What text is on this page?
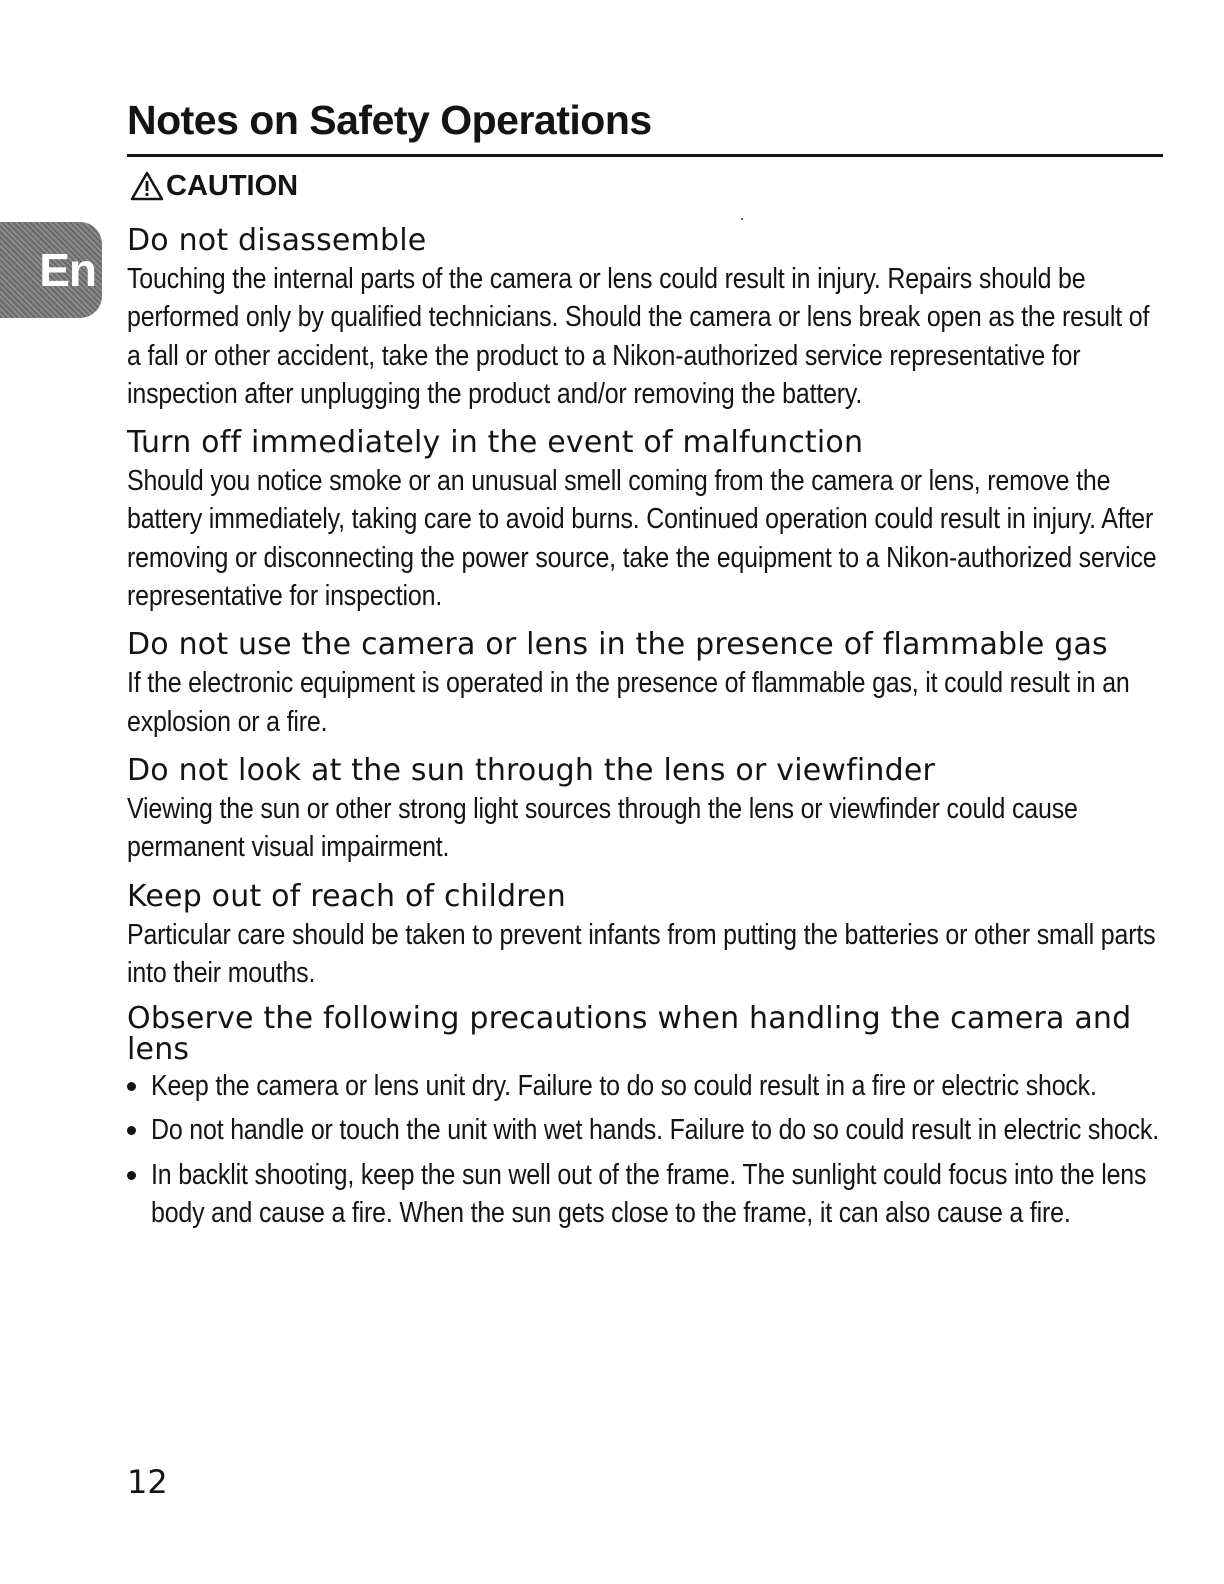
Notes on Safety Operations
CAUTION
En
Do not disassemble

Touching the internal parts of the camera or lens could result in injury. Repairs should be performed only by qualified technicians. Should the camera or lens break open as the result of a fall or other accident, take the product to a Nikon-authorized service representative for inspection after unplugging the product and/or removing the battery.

Turn off immediately in the event of malfunction

Should you notice smoke or an unusual smell coming from the camera or lens, remove the battery immediately, taking care to avoid burns. Continued operation could result in injury. After removing or disconnecting the power source, take the equipment to a Nikon-authorized service representative for inspection.

Do not use the camera or lens in the presence of flammable gas

If the electronic equipment is operated in the presence of flammable gas, it could result in an explosion or a fire.

Do not look at the sun through the lens or viewfinder

Viewing the sun or other strong light sources through the lens or viewfinder could cause permanent visual impairment.

Keep out of reach of children

Particular care should be taken to prevent infants from putting the batteries or other small parts into their mouths.

Observe the following precautions when handling the camera and lens
Keep the camera or lens unit dry. Failure to do so could result in a fire or electric shock.
Do not handle or touch the unit with wet hands. Failure to do so could result in electric shock.
In backlit shooting, keep the sun well out of the frame. The sunlight could focus into the lens body and cause a fire. When the sun gets close to the frame, it can also cause a fire.
12
